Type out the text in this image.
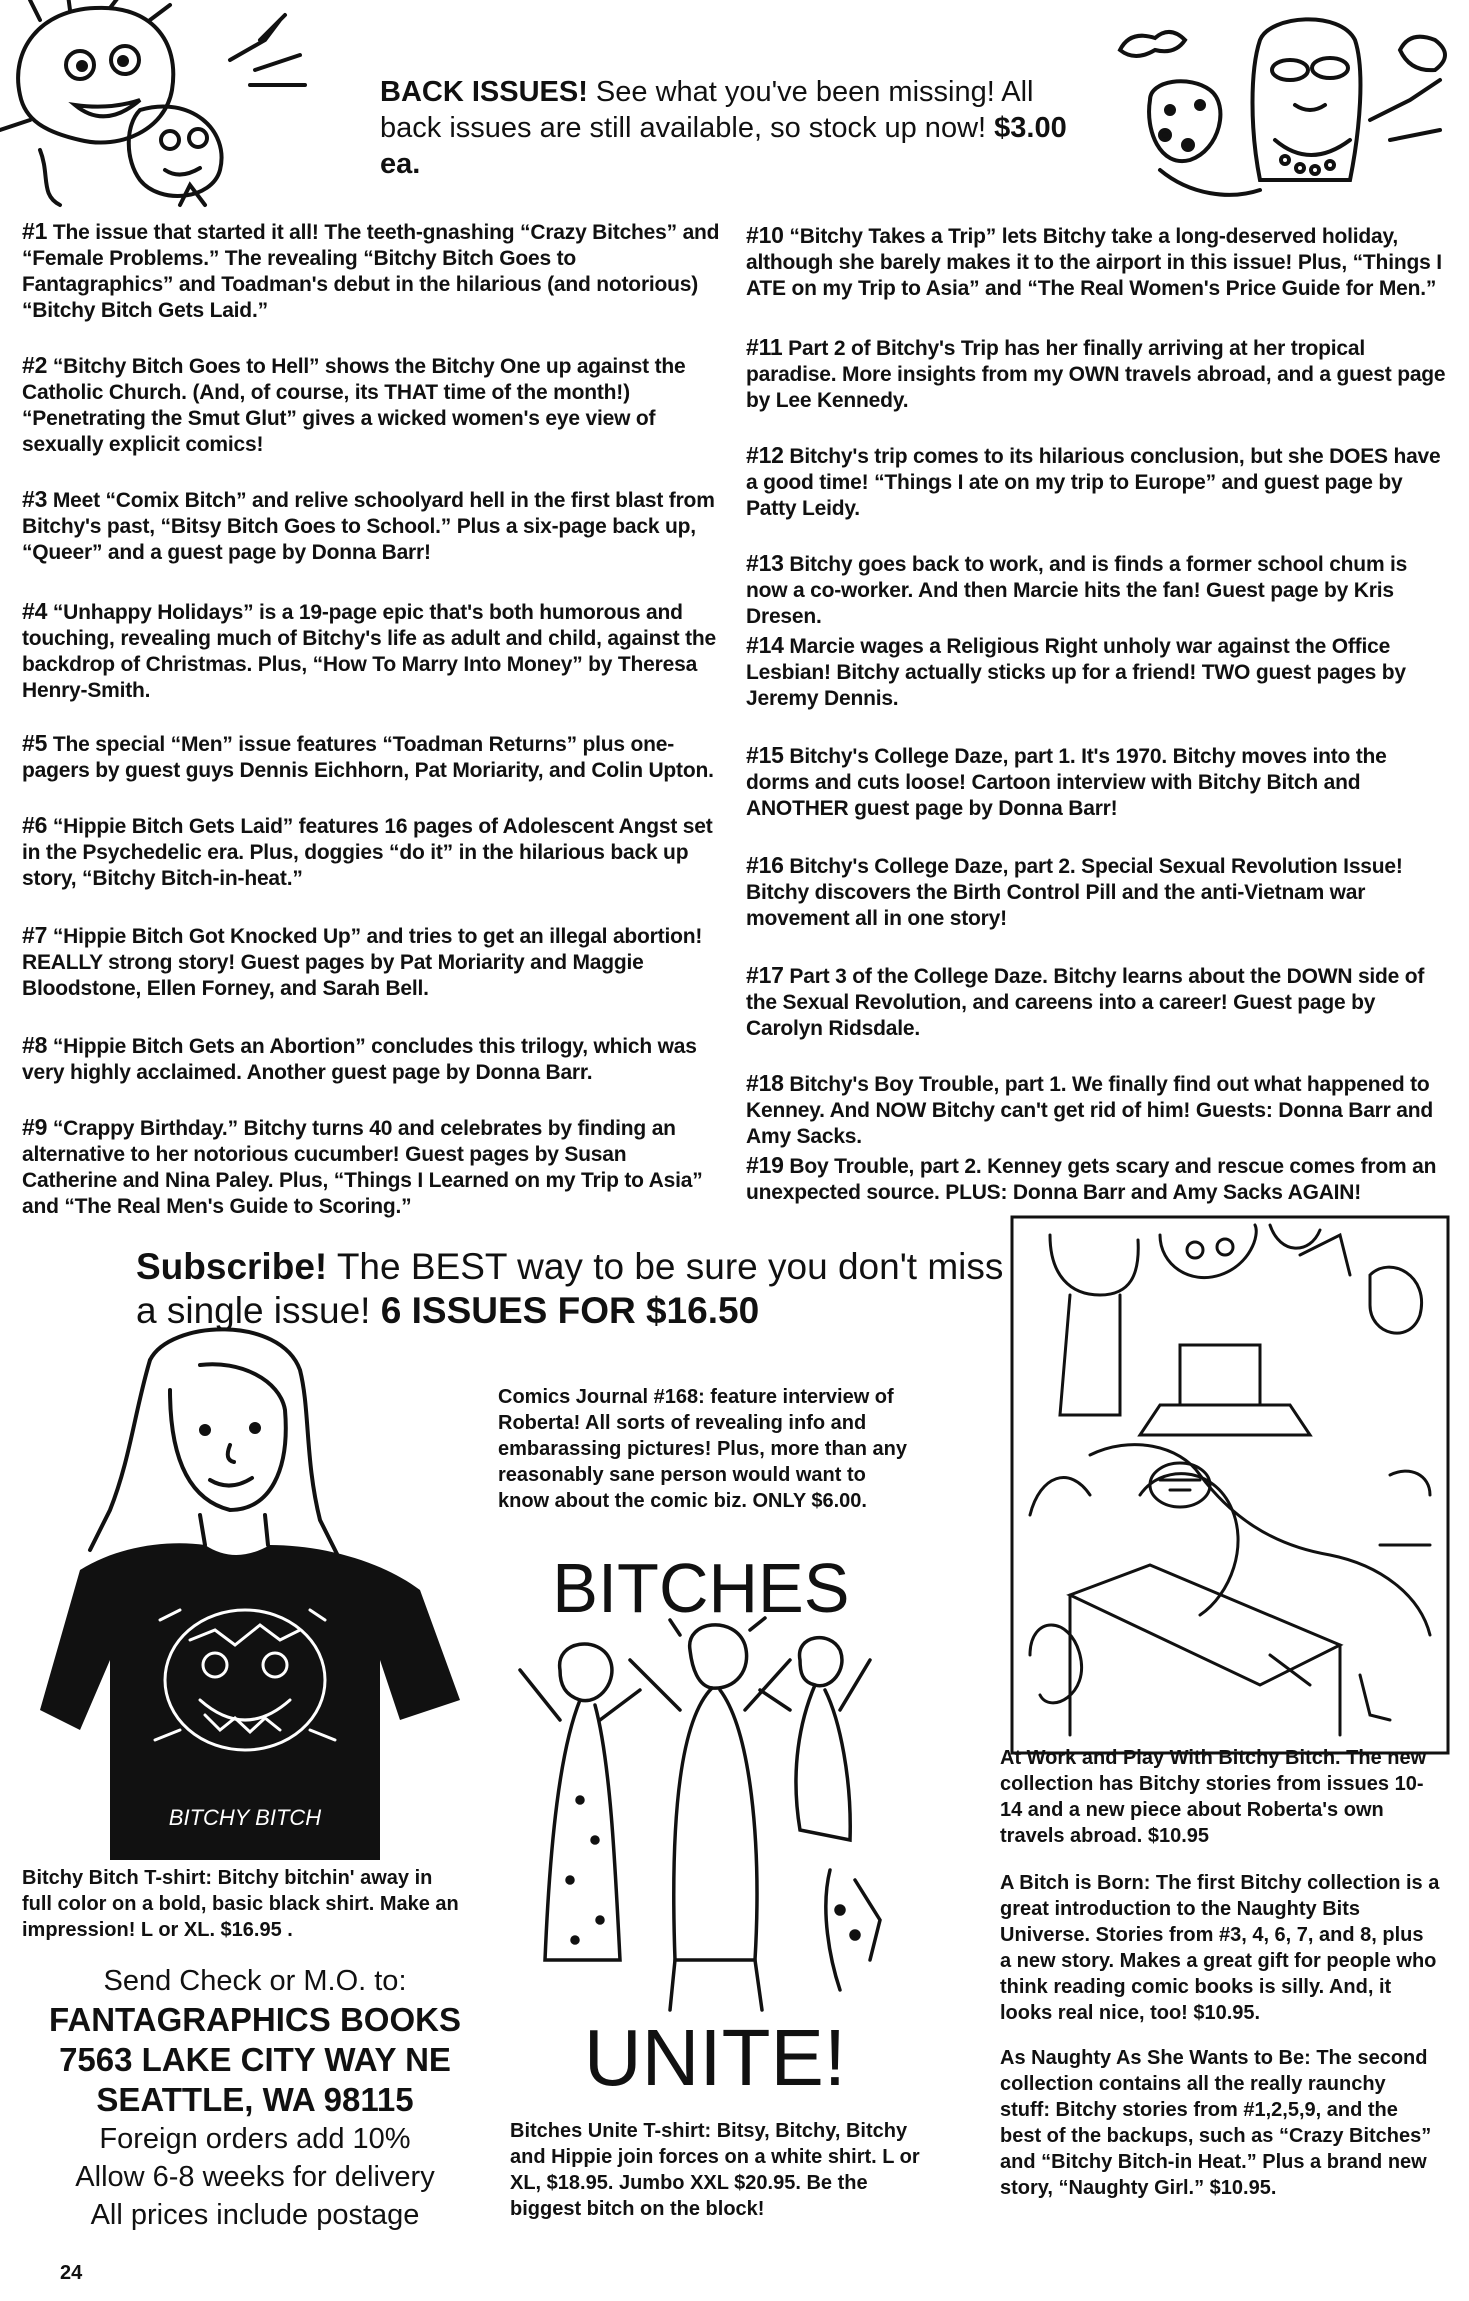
BACK ISSUES! See what you've been missing! All back issues are still available, so stock up now! $3.00 ea.
#1 The issue that started it all! The teeth-gnashing “Crazy Bitches” and “Female Problems.” The revealing “Bitchy Bitch Goes to Fantagraphics” and Toadman's debut in the hilarious (and notorious) “Bitchy Bitch Gets Laid.”
#2 “Bitchy Bitch Goes to Hell” shows the Bitchy One up against the Catholic Church. (And, of course, its THAT time of the month!) “Penetrating the Smut Glut” gives a wicked women's eye view of sexually explicit comics!
#3 Meet “Comix Bitch” and relive schoolyard hell in the first blast from Bitchy's past, “Bitsy Bitch Goes to School.” Plus a six-page back up, “Queer” and a guest page by Donna Barr!
#4 “Unhappy Holidays” is a 19-page epic that's both humorous and touching, revealing much of Bitchy's life as adult and child, against the backdrop of Christmas. Plus, “How To Marry Into Money” by Theresa Henry-Smith.
#5 The special “Men” issue features “Toadman Returns” plus one-pagers by guest guys Dennis Eichhorn, Pat Moriarity, and Colin Upton.
#6 “Hippie Bitch Gets Laid” features 16 pages of Adolescent Angst set in the Psychedelic era. Plus, doggies “do it” in the hilarious back up story, “Bitchy Bitch-in-heat.”
#7 “Hippie Bitch Got Knocked Up” and tries to get an illegal abortion! REALLY strong story! Guest pages by Pat Moriarity and Maggie Bloodstone, Ellen Forney, and Sarah Bell.
#8 “Hippie Bitch Gets an Abortion” concludes this trilogy, which was very highly acclaimed. Another guest page by Donna Barr.
#9 “Crappy Birthday.” Bitchy turns 40 and celebrates by finding an alternative to her notorious cucumber! Guest pages by Susan Catherine and Nina Paley. Plus, “Things I Learned on my Trip to Asia” and “The Real Men's Guide to Scoring.”
#10 “Bitchy Takes a Trip” lets Bitchy take a long-deserved holiday, although she barely makes it to the airport in this issue! Plus, “Things I ATE on my Trip to Asia” and “The Real Women's Price Guide for Men.”
#11 Part 2 of Bitchy's Trip has her finally arriving at her tropical paradise. More insights from my OWN travels abroad, and a guest page by Lee Kennedy.
#12 Bitchy's trip comes to its hilarious conclusion, but she DOES have a good time! “Things I ate on my trip to Europe” and guest page by Patty Leidy.
#13 Bitchy goes back to work, and is finds a former school chum is now a co-worker. And then Marcie hits the fan! Guest page by Kris Dresen.
#14 Marcie wages a Religious Right unholy war against the Office Lesbian! Bitchy actually sticks up for a friend! TWO guest pages by Jeremy Dennis.
#15 Bitchy's College Daze, part 1. It's 1970. Bitchy moves into the dorms and cuts loose! Cartoon interview with Bitchy Bitch and ANOTHER guest page by Donna Barr!
#16 Bitchy's College Daze, part 2. Special Sexual Revolution Issue! Bitchy discovers the Birth Control Pill and the anti-Vietnam war movement all in one story!
#17 Part 3 of the College Daze. Bitchy learns about the DOWN side of the Sexual Revolution, and careens into a career! Guest page by Carolyn Ridsdale.
#18 Bitchy's Boy Trouble, part 1. We finally find out what happened to Kenney. And NOW Bitchy can't get rid of him! Guests: Donna Barr and Amy Sacks.
#19 Boy Trouble, part 2. Kenney gets scary and rescue comes from an unexpected source. PLUS: Donna Barr and Amy Sacks AGAIN!
Subscribe! The BEST way to be sure you don't miss a single issue! 6 ISSUES FOR $16.50
BITCHY BITCH
Comics Journal #168: feature interview of Roberta! All sorts of revealing info and embarassing pictures! Plus, more than any reasonably sane person would want to know about the comic biz. ONLY $6.00.
BITCHES
UNITE!
Bitchy Bitch T-shirt: Bitchy bitchin' away in full color on a bold, basic black shirt. Make an impression! L or XL. $16.95 .
Send Check or M.O. to:
FANTAGRAPHICS BOOKS
7563 LAKE CITY WAY NE
SEATTLE, WA 98115
Foreign orders add 10%
Allow 6-8 weeks for delivery
All prices include postage
Bitches Unite T-shirt: Bitsy, Bitchy, Bitchy and Hippie join forces on a white shirt. L or XL, $18.95. Jumbo XXL $20.95. Be the biggest bitch on the block!
At Work and Play With Bitchy Bitch. The new collection has Bitchy stories from issues 10-14 and a new piece about Roberta's own travels abroad. $10.95
A Bitch is Born: The first Bitchy collection is a great introduction to the Naughty Bits Universe. Stories from #3, 4, 6, 7, and 8, plus a new story. Makes a great gift for people who think reading comic books is silly. And, it looks real nice, too! $10.95.
As Naughty As She Wants to Be: The second collection contains all the really raunchy stuff: Bitchy stories from #1,2,5,9, and the best of the backups, such as “Crazy Bitches” and “Bitchy Bitch-in Heat.” Plus a brand new story, “Naughty Girl.” $10.95.
24
